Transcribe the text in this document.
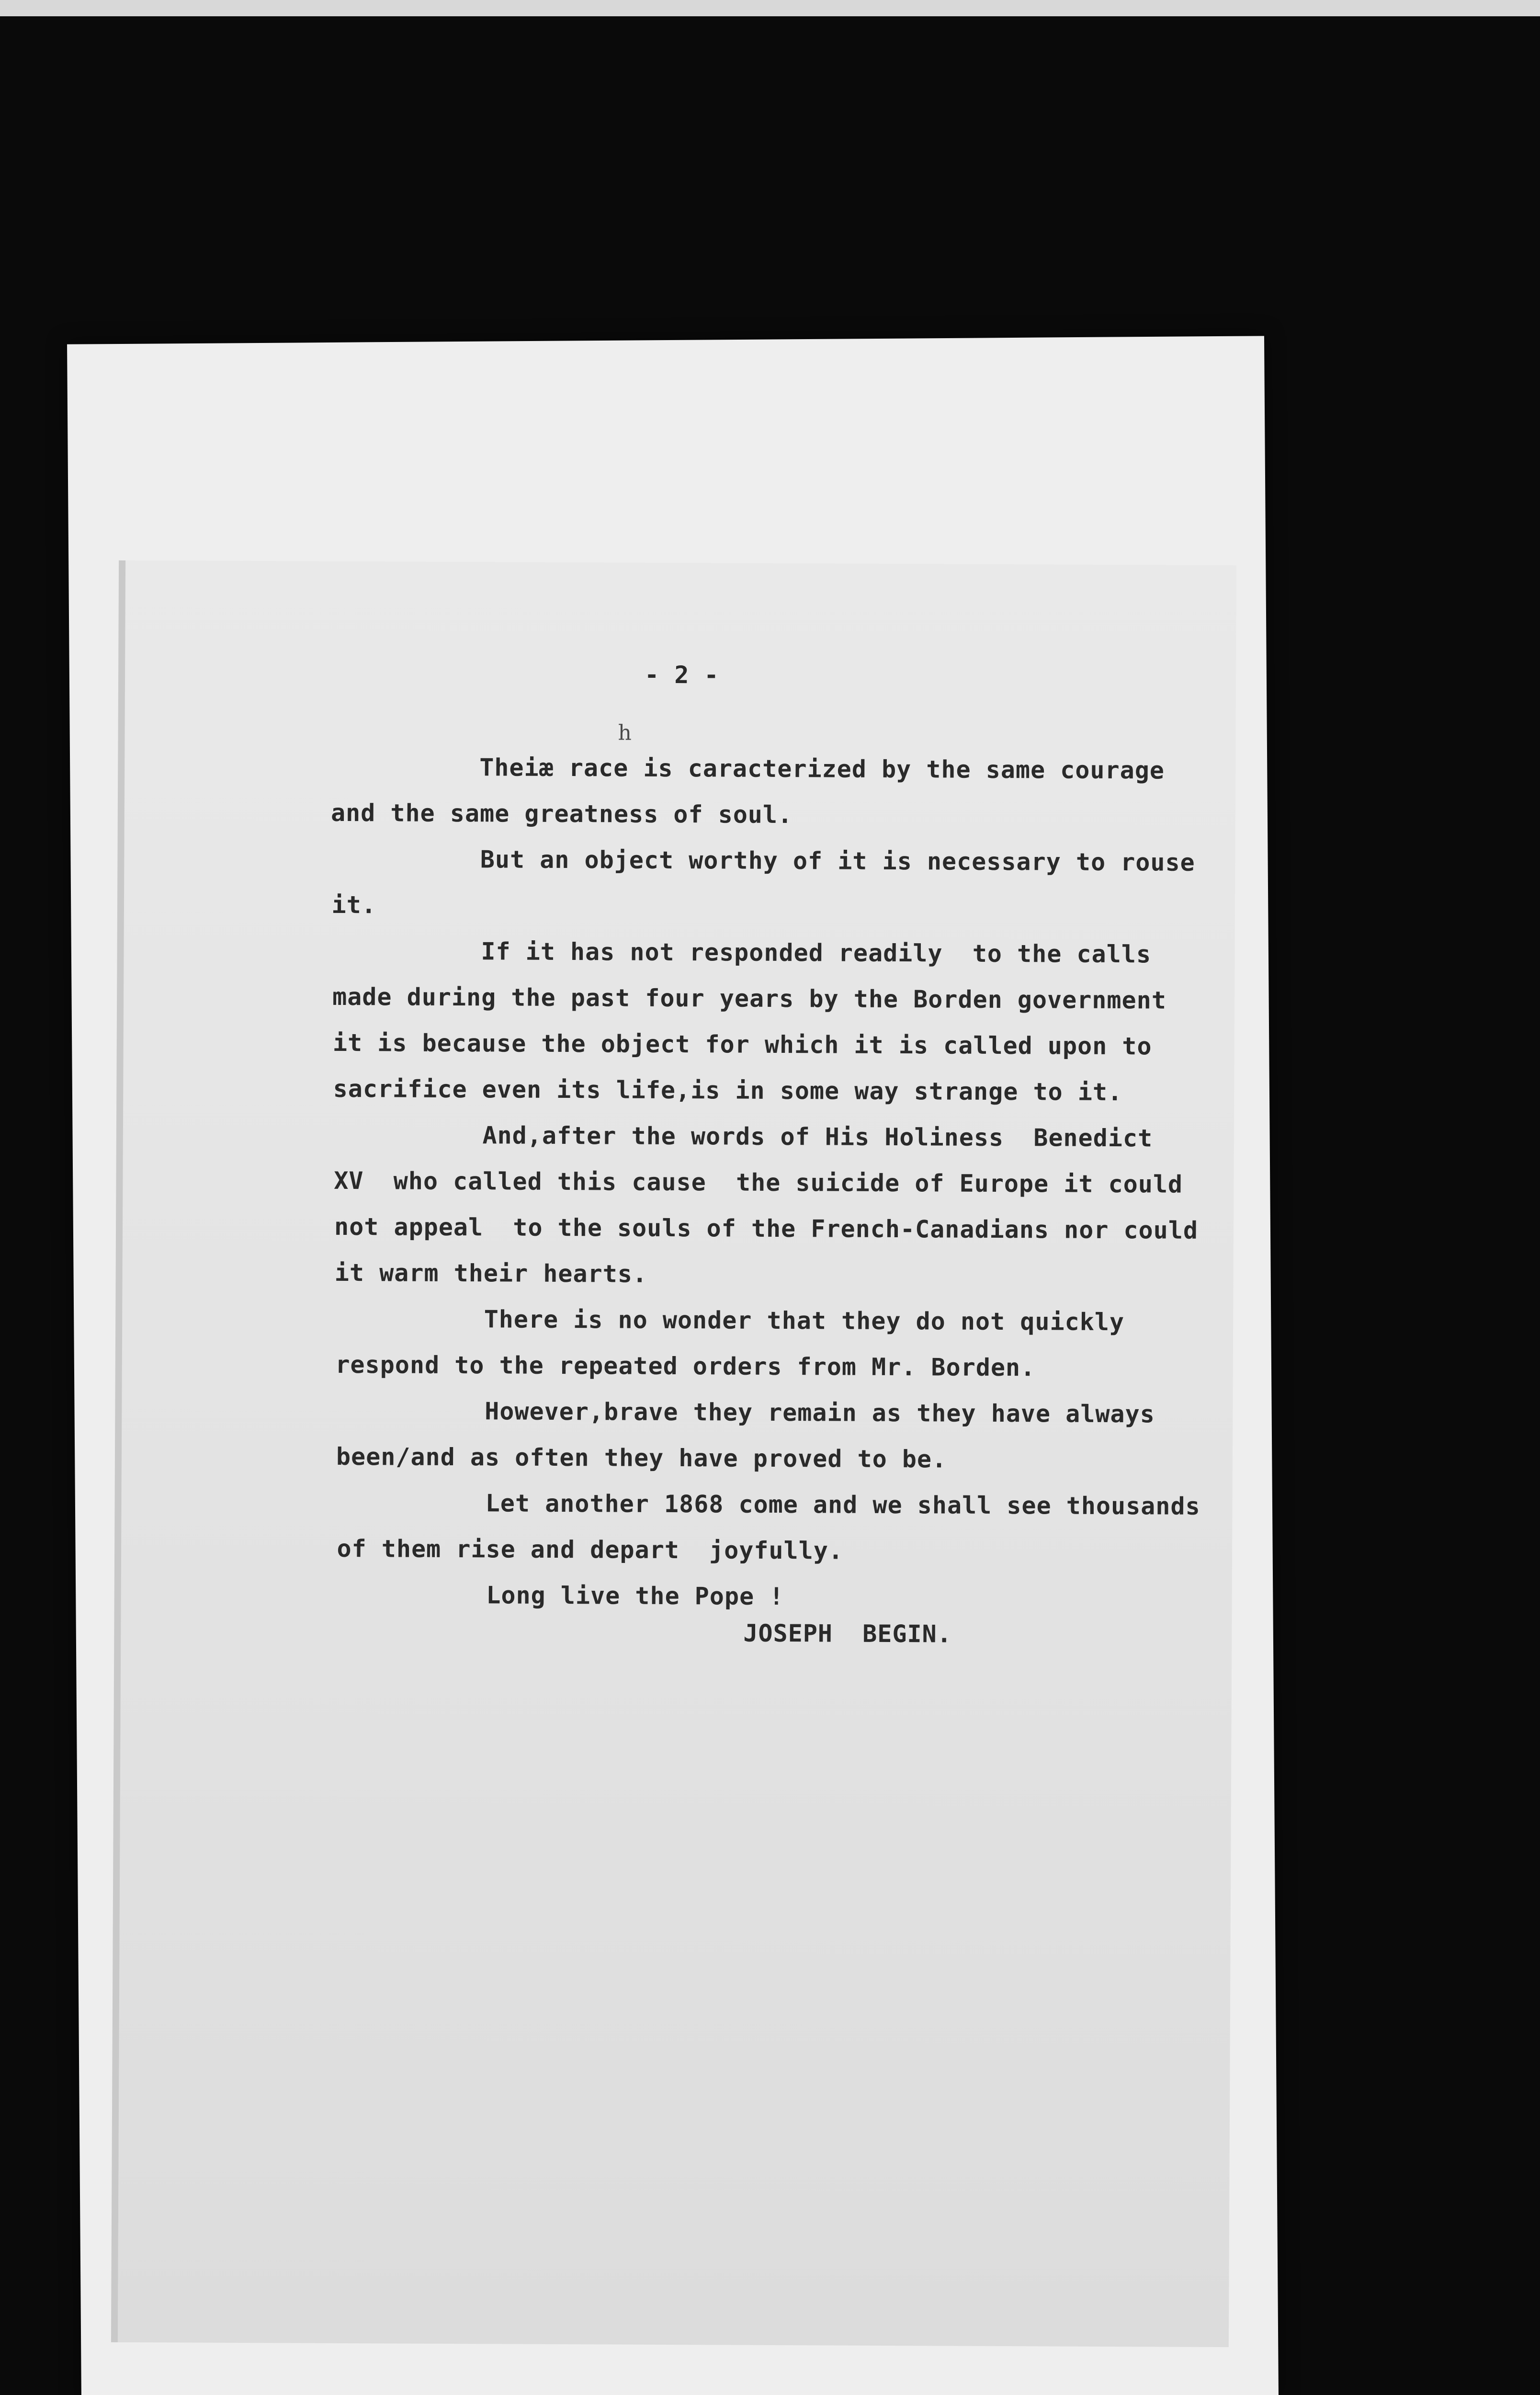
- 2 -
Theiæ race is caracterized by the same courage
and the same greatness of soul.
But an object worthy of it is necessary to rouse
it.
If it has not responded readily  to the calls
made during the past four years by the Borden government
it is because the object for which it is called upon to
sacrifice even its life,is in some way strange to it.
And,after the words of His Holiness  Benedict
XV  who called this cause  the suicide of Europe it could
not appeal  to the souls of the French-Canadians nor could
it warm their hearts.
There is no wonder that they do not quickly
respond to the repeated orders from Mr. Borden.
However,brave they remain as they have always
been/and as often they have proved to be.
Let another 1868 come and we shall see thousands
of them rise and depart  joyfully.
Long live the Pope !
h
JOSEPH  BEGIN.
